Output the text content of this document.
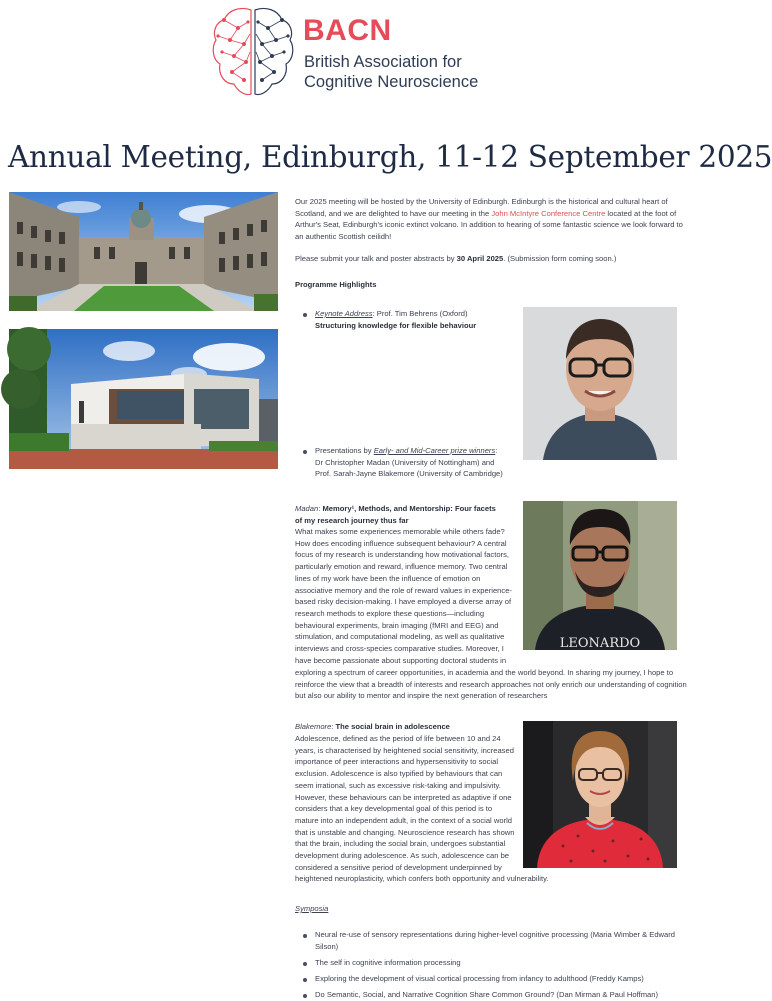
BACN
British Association for
Cognitive Neuroscience
Annual Meeting, Edinburgh, 11-12 September 2025
Our 2025 meeting will be hosted by the University of Edinburgh. Edinburgh is the historical and cultural heart of
Scotland, and we are delighted to have our meeting in the John McIntyre Conference Centre located at the foot of
Arthur's Seat, Edinburgh's iconic extinct volcano. In addition to hearing of some fantastic science we look forward to
an authentic Scottish ceilidh!
Please submit your talk and poster abstracts by 30 April 2025. (Submission form coming soon.)
Programme Highlights
Keynote Address: Prof. Tim Behrens (Oxford)
Structuring knowledge for flexible behaviour
Presentations by Early- and Mid-Career prize winners:
Dr Christopher Madan (University of Nottingham) and
Prof. Sarah-Jayne Blakemore (University of Cambridge)
Madan: Memory¹, Methods, and Mentorship: Four facets
of my research journey thus far
What makes some experiences memorable while others fade?
How does encoding influence subsequent behaviour? A central
focus of my research is understanding how motivational factors,
particularly emotion and reward, influence memory. Two central
lines of my work have been the influence of emotion on
associative memory and the role of reward values in experience-
based risky decision-making. I have employed a diverse array of
research methods to explore these questions—including
behavioural experiments, brain imaging (fMRI and EEG) and
stimulation, and computational modeling, as well as qualitative
interviews and cross-species comparative studies. Moreover, I
have become passionate about supporting doctoral students in
exploring a spectrum of career opportunities, in academia and the world beyond. In sharing my journey, I hope to
reinforce the view that a breadth of interests and research approaches not only enrich our understanding of cognition
but also our ability to mentor and inspire the next generation of researchers
LEONARDO
Blakemore: The social brain in adolescence
Adolescence, defined as the period of life between 10 and 24
years, is characterised by heightened social sensitivity, increased
importance of peer interactions and hypersensitivity to social
exclusion. Adolescence is also typified by behaviours that can
seem irrational, such as excessive risk-taking and impulsivity.
However, these behaviours can be interpreted as adaptive if one
considers that a key developmental goal of this period is to
mature into an independent adult, in the context of a social world
that is unstable and changing. Neuroscience research has shown
that the brain, including the social brain, undergoes substantial
development during adolescence. As such, adolescence can be
considered a sensitive period of development underpinned by
heightened neuroplasticity, which confers both opportunity and vulnerability.
Symposia
Neural re-use of sensory representations during higher-level cognitive processing (Maria Wimber & Edward
Silson)
The self in cognitive information processing
Exploring the development of visual cortical processing from infancy to adulthood (Freddy Kamps)
Do Semantic, Social, and Narrative Cognition Share Common Ground? (Dan Mirman & Paul Hoffman)
